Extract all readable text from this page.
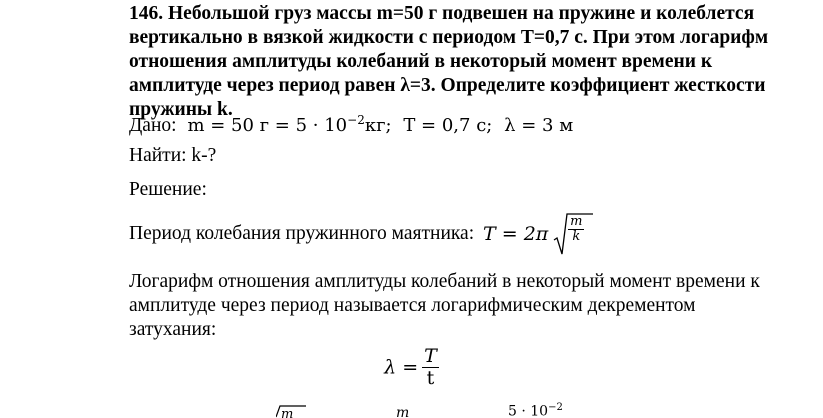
146. Небольшой груз массы m=50 г подвешен на пружине и колеблется вертикально в вязкой жидкости с периодом T=0,7 с. При этом логарифм отношения амплитуды колебаний в некоторый момент времени к амплитуде через период равен λ=3. Определите коэффициент жесткости пружины k.

Дано: m = 50 $г = 5 \cdot 10^{-2}кг$; T = 0,7 с; λ = 3 м
Найти: k-?
Решение:
Период колебания пружинного маятника: $T = 2\pi \frac{m}{k}$

Логарифм отношения амплитуды колебаний в некоторый момент времени к амплитуде через период называется логарифмическим декрементом затухания:

$\lambda = \frac{T}{t}$
m	m	$5 \cdot 10^{-2}$
